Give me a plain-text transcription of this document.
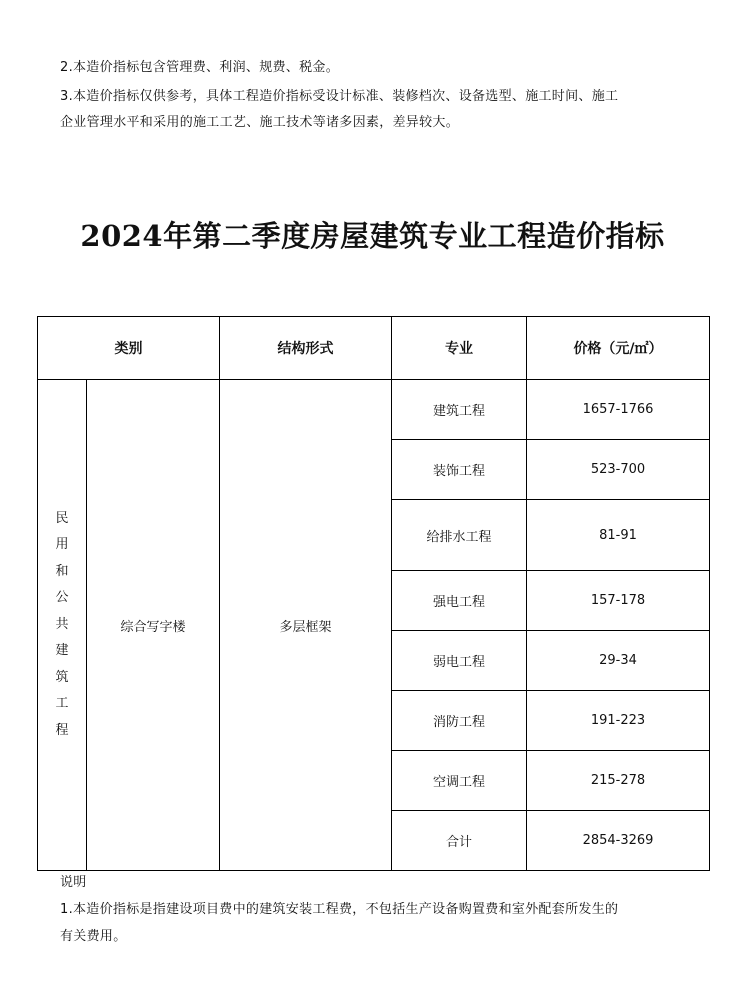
2.本造价指标包含管理费、利润、规费、税金。
3.本造价指标仅供参考，具体工程造价指标受设计标准、装修档次、设备选型、施工时间、施工
企业管理水平和采用的施工工艺、施工技术等诸多因素，差异较大。
2024年第二季度房屋建筑专业工程造价指标
类别		结构形式	专业	价格（元/㎡）
民用和公共建筑工程	综合写字楼	多层框架	建筑工程	1657-1766
			装饰工程	523-700
			给排水工程	81-91
			强电工程	157-178
			弱电工程	29-34
			消防工程	191-223
			空调工程	215-278
			合计	2854-3269
说明
1.本造价指标是指建设项目费中的建筑安装工程费，不包括生产设备购置费和室外配套所发生的
有关费用。
